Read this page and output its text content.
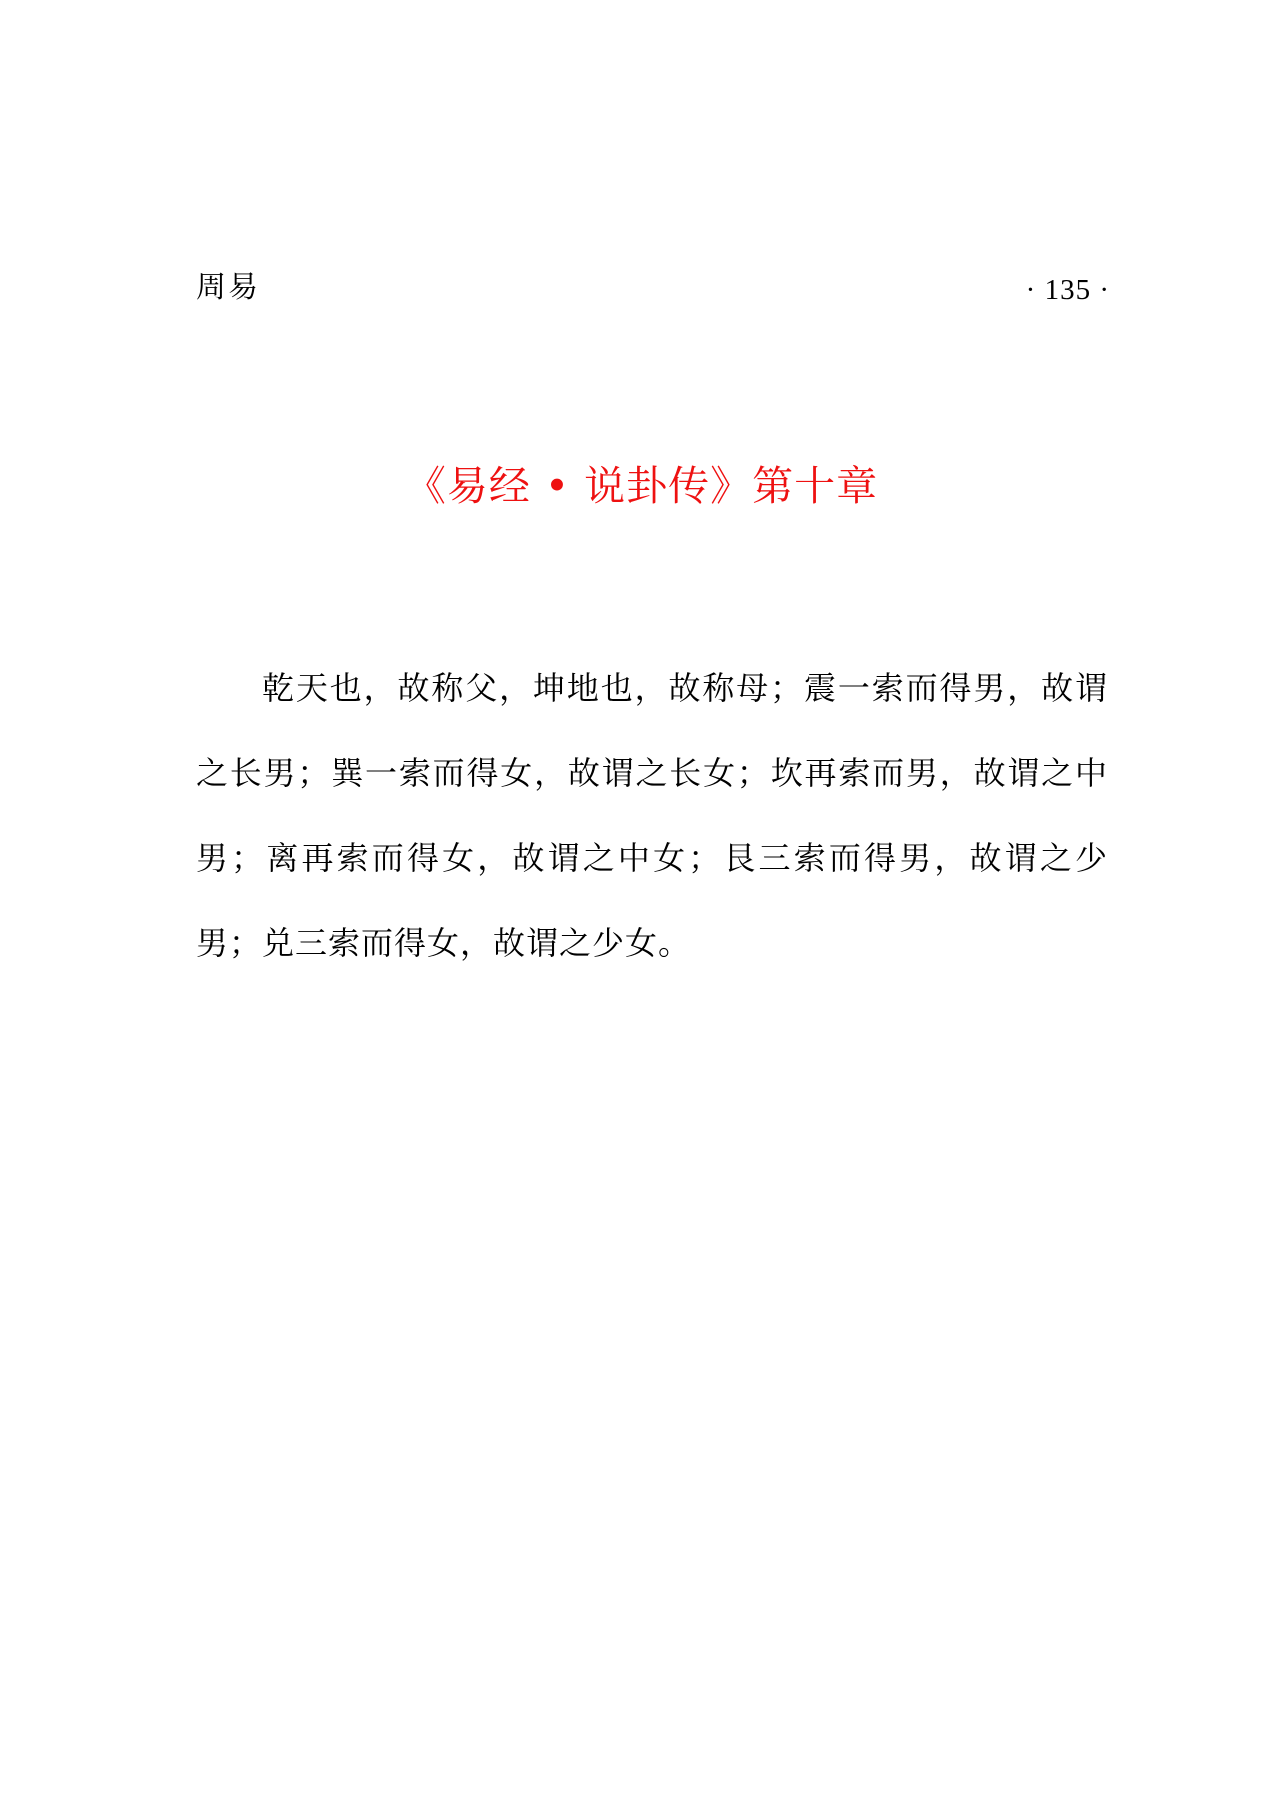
周易	· 135 ·
《易经 • 说卦传》第十章

乾天也，故称父，坤地也，故称母；震一索而得男，故谓之长男；巽一索而得女，故谓之长女；坎再索而男，故谓之中男；离再索而得女，故谓之中女；艮三索而得男，故谓之少男；兑三索而得女，故谓之少女。
